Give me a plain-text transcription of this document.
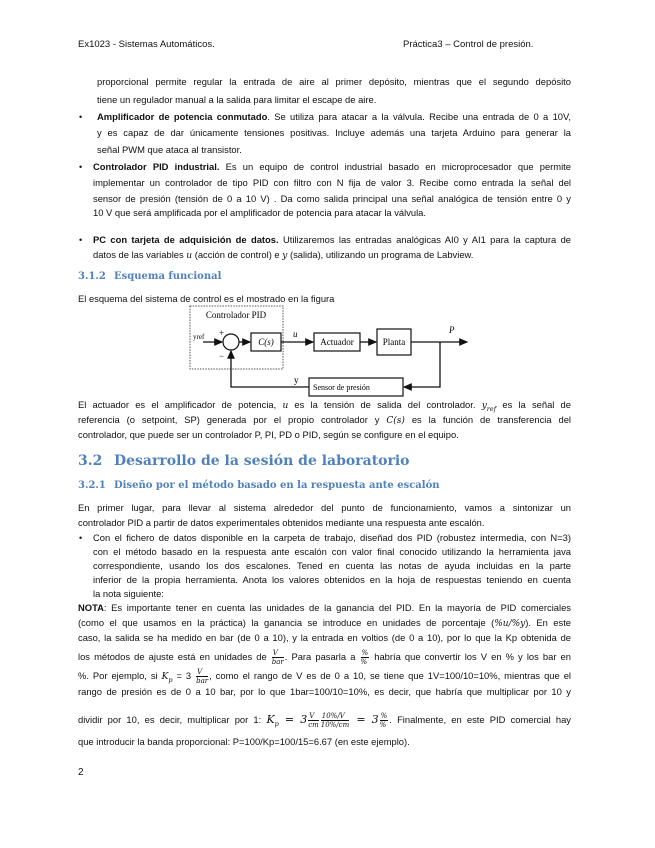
Ex1023 - Sistemas Automáticos.	Práctica3 – Control de presión.
•
•
•
•
3.1.2 Esquema funcional
Controlador PID
yref +
−
C(s)
u
Actuador	Planta
P
Sensor de presión
y
3.2 Desarrollo de la sesión de laboratorio
3.2.1 Diseño por el método basado en la respuesta ante escalón
proporcional permite regular la entrada de aire al primer depósito, mientras que el segundo depósito
tiene un regulador manual a la salida para limitar el escape de aire.
Amplificador de potencia conmutado. Se utiliza para atacar a la válvula. Recibe una entrada de 0 a 10V,
y es capaz de dar únicamente tensiones positivas. Incluye además una tarjeta Arduino para generar la
señal PWM que ataca al transistor.
Controlador PID industrial. Es un equipo de control industrial basado en microprocesador que permite
implementar un controlador de tipo PID con filtro con N fija de valor 3. Recibe como entrada la señal del
sensor de presión (tensión de 0 a 10 V) . Da como salida principal una señal analógica de tensión entre 0 y
10 V que será amplificada por el amplificador de potencia para atacar la válvula.
PC con tarjeta de adquisición de datos. Utilizaremos las entradas analógicas AI0 y AI1 para la captura de
datos de las variables u (acción de control) e y (salida), utilizando un programa de Labview.
El esquema del sistema de control es el mostrado en la figura
El actuador es el amplificador de potencia, u es la tensión de salida del controlador. $y_{ref}$ es la señal de
referencia (o setpoint, SP) generada por el propio controlador y C(s) es la función de transferencia del
controlador, que puede ser un controlador P, PI, PD o PID, según se configure en el equipo.
En primer lugar, para llevar al sistema alrededor del punto de funcionamiento, vamos a sintonizar un
controlador PID a partir de datos experimentales obtenidos mediante una respuesta ante escalón.
Con el fichero de datos disponible en la carpeta de trabajo, diseñad dos PID (robustez intermedia, con N=3)
con el método basado en la respuesta ante escalón con valor final conocido utilizando la herramienta java
correspondiente, usando los dos escalones. Tened en cuenta las notas de ayuda incluidas en la parte
inferior de la propia herramienta. Anota los valores obtenidos en la hoja de respuestas teniendo en cuenta
la nota siguiente:
NOTA: Es importante tener en cuenta las unidades de la ganancia del PID. En la mayoría de PID comerciales
(como el que usamos en la práctica) la ganancia se introduce en unidades de porcentaje (%u/%y). En este
caso, la salida se ha medido en bar (de 0 a 10), y la entrada en voltios (de 0 a 10), por lo que la Kp obtenida de
los métodos de ajuste está en unidades de $\frac{V}{\text{bar}}$ . Para pasarla a $\frac{\%}{\%}$ habría que convertir los V en % y los bar en
%. Por ejemplo, si $K_p = 3 \frac{V}{\text{bar}}$ , como el rango de V es de 0 a 10, se tiene que 1V=100/10=10%, mientras que el
rango de presión es de 0 a 10 bar, por lo que 1bar=100/10=10%, es decir, que habría que multiplicar por 10 y
dividir por 10, es decir, multiplicar por 1: $K_p = 3 \frac{V}{cm} \frac{10\%/V}{10\%/cm} = 3 \frac{\%}{\%}$ . Finalmente, en este PID comercial hay
que introducir la banda proporcional: P=100/Kp=100/15=6.67 (en este ejemplo).
2
